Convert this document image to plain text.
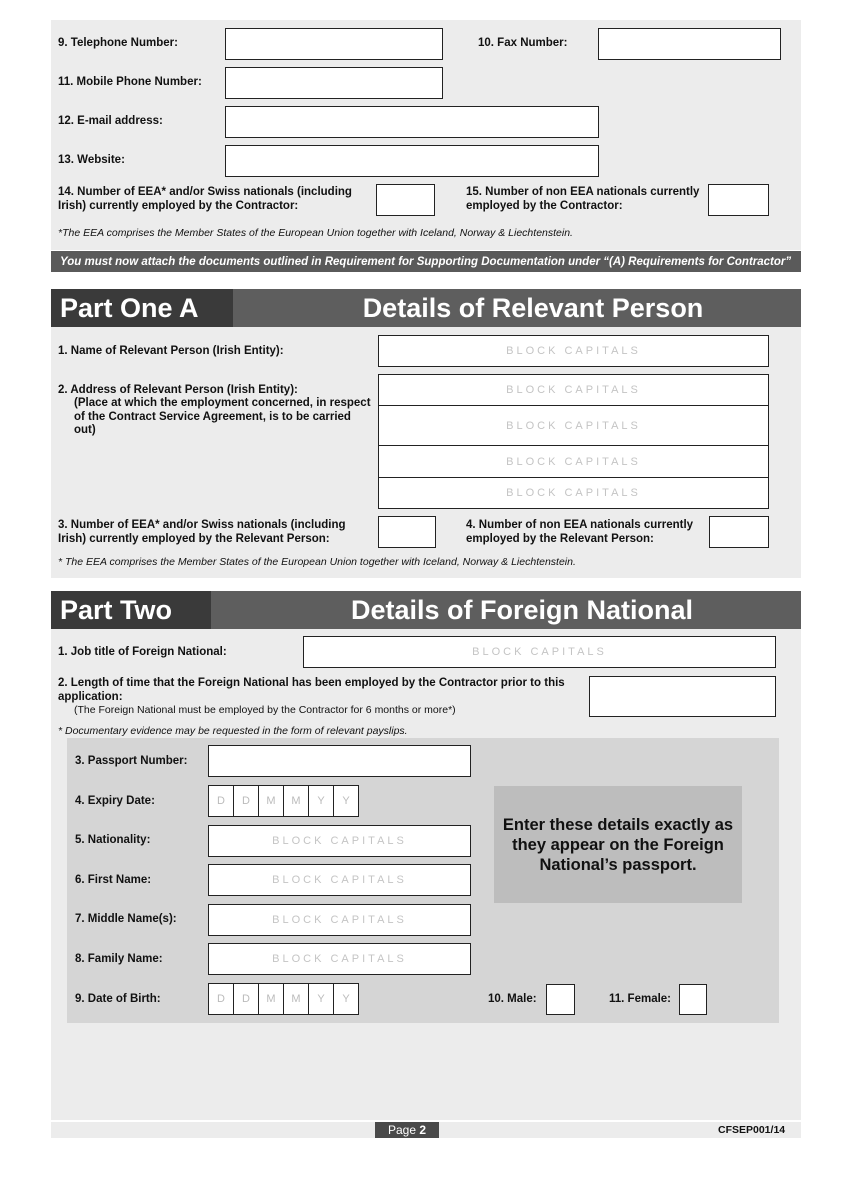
9. Telephone Number:	10. Fax Number:
11. Mobile Phone Number:
12. E-mail address:
13. Website:
14. Number of EEA* and/or Swiss nationals (including
Irish) currently employed by the Contractor:
15. Number of non EEA nationals currently
employed by the Contractor:
*The EEA comprises the Member States of the European Union together with Iceland, Norway & Liechtenstein.
You must now attach the documents outlined in Requirement for Supporting Documentation under “(A) Requirements for Contractor”
Part One A	Details of Relevant Person
1. Name of Relevant Person (Irish Entity):	BLOCK CAPITALS
2. Address of Relevant Person (Irish Entity):
(Place at which the employment concerned, in respect
of the Contract Service Agreement, is to be carried
out)
BLOCK CAPITALS
BLOCK CAPITALS
BLOCK CAPITALS
BLOCK CAPITALS
3. Number of EEA* and/or Swiss nationals (including
Irish) currently employed by the Relevant Person:
4. Number of non EEA nationals currently
employed by the Relevant Person:
* The EEA comprises the Member States of the European Union together with Iceland, Norway & Liechtenstein.
Part Two	Details of Foreign National
1. Job title of Foreign National:	BLOCK CAPITALS
2. Length of time that the Foreign National has been employed by the Contractor prior to this
application:
(The Foreign National must be employed by the Contractor for 6 months or more*)
* Documentary evidence may be requested in the form of relevant payslips.
3. Passport Number:
4. Expiry Date:	D	D	M	M	Y	Y
5. Nationality:	BLOCK CAPITALS
6. First Name:	BLOCK CAPITALS
7. Middle Name(s):	BLOCK CAPITALS
8. Family Name:	BLOCK CAPITALS
9. Date of Birth:	D	D	M	M	Y	Y	10. Male:	11. Female:
Enter these details exactly as they appear on the Foreign National’s passport.
Page
2	CFSEP001/14
